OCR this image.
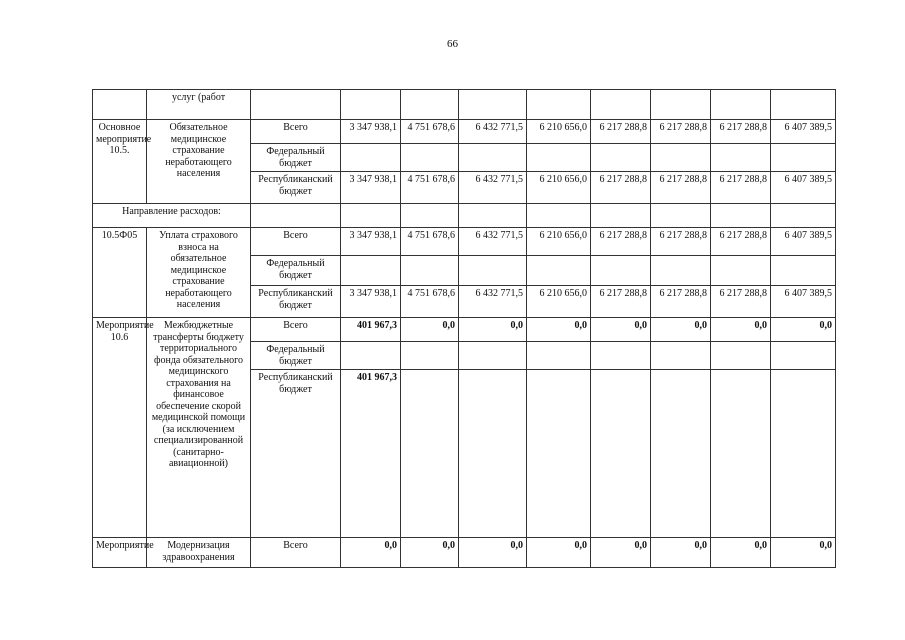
66
	услуг (работ									
Основное мероприятие 10.5.	Обязательное медицинское страхование неработающего населения	Всего	3 347 938,1	4 751 678,6	6 432 771,5	6 210 656,0	6 217 288,8	6 217 288,8	6 217 288,8	6 407 389,5
		Федеральный бюджет								
		Республиканский бюджет	3 347 938,1	4 751 678,6	6 432 771,5	6 210 656,0	6 217 288,8	6 217 288,8	6 217 288,8	6 407 389,5
Направление расходов:										
10.5Ф05	Уплата страхового взноса на обязательное медицинское страхование неработающего населения	Всего	3 347 938,1	4 751 678,6	6 432 771,5	6 210 656,0	6 217 288,8	6 217 288,8	6 217 288,8	6 407 389,5
		Федеральный бюджет								
		Республиканский бюджет	3 347 938,1	4 751 678,6	6 432 771,5	6 210 656,0	6 217 288,8	6 217 288,8	6 217 288,8	6 407 389,5
Мероприятие 10.6	Межбюджетные трансферты бюджету территориального фонда обязательного медицинского страхования на финансовое обеспечение скорой медицинской помощи (за исключением специализированной (санитарно-авиационной)	Всего	401 967,3	0,0	0,0	0,0	0,0	0,0	0,0	0,0
		Федеральный бюджет								
		Республиканский бюджет	401 967,3							
Мероприятие	Модернизация здравоохранения	Всего	0,0	0,0	0,0	0,0	0,0	0,0	0,0	0,0
